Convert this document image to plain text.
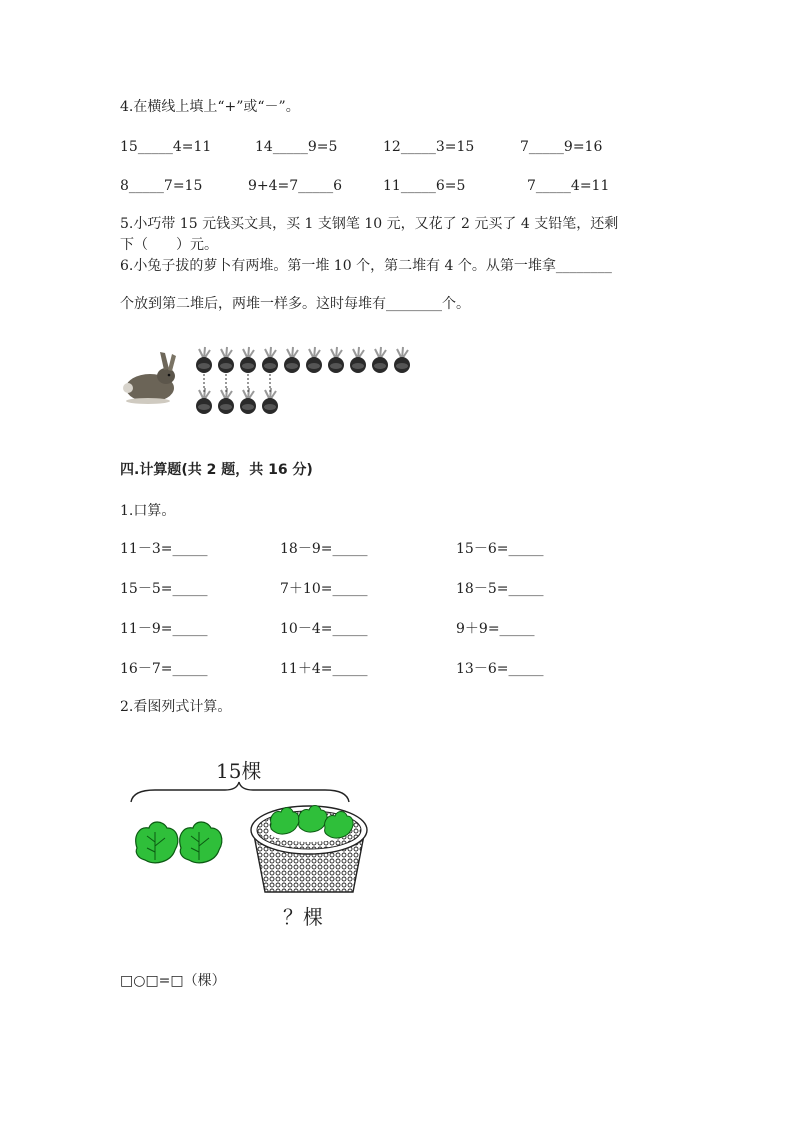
4.在横线上填上“+”或“－”。
15_____4=11	14_____9=5	12_____3=15	7_____9=16
8_____7=15	9+4=7_____6	11_____6=5	7_____4=11
5.小巧带 15 元钱买文具，买 1 支钢笔 10 元，又花了 2 元买了 4 支铅笔，还剩
下（　　）元。
6.小兔子拔的萝卜有两堆。第一堆 10 个，第二堆有 4 个。从第一堆拿________
个放到第二堆后，两堆一样多。这时每堆有________个。
四.计算题(共 2 题，共 16 分)
1.口算。
11－3=_____	18－9=_____	15－6=_____
15－5=_____	7＋10=_____	18－5=_____
11－9=_____	10－4=_____	9＋9=_____
16－7=_____	11＋4=_____	13－6=_____
2.看图列式计算。
15棵
？棵
□○□=□（棵）
